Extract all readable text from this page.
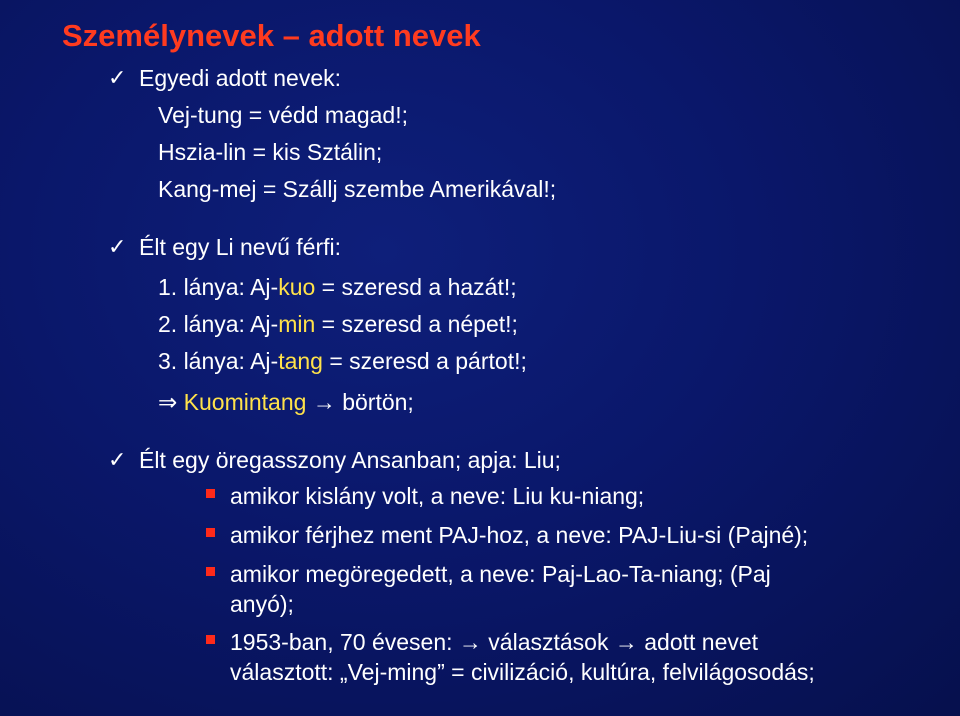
Személynevek – adott nevek
✓ Egyedi adott nevek:
Vej-tung = védd magad!;
Hszia-lin = kis Sztálin;
Kang-mej = Szállj szembe Amerikával!;
✓ Élt egy Li nevű férfi:
1. lánya: Aj-kuo = szeresd a hazát!;
2. lánya: Aj-min = szeresd a népet!;
3. lánya: Aj-tang = szeresd a pártot!;
⇒ Kuomintang → börtön;
✓ Élt egy öregasszony Ansanban; apja: Liu;
amikor kislány volt, a neve: Liu ku-niang;
amikor férjhez ment PAJ-hoz, a neve: PAJ-Liu-si (Pajné);
amikor megöregedett, a neve: Paj-Lao-Ta-niang; (Paj
anyó);
1953-ban, 70 évesen: → választások → adott nevet
választott: „Vej-ming” = civilizáció, kultúra, felvilágosodás;
